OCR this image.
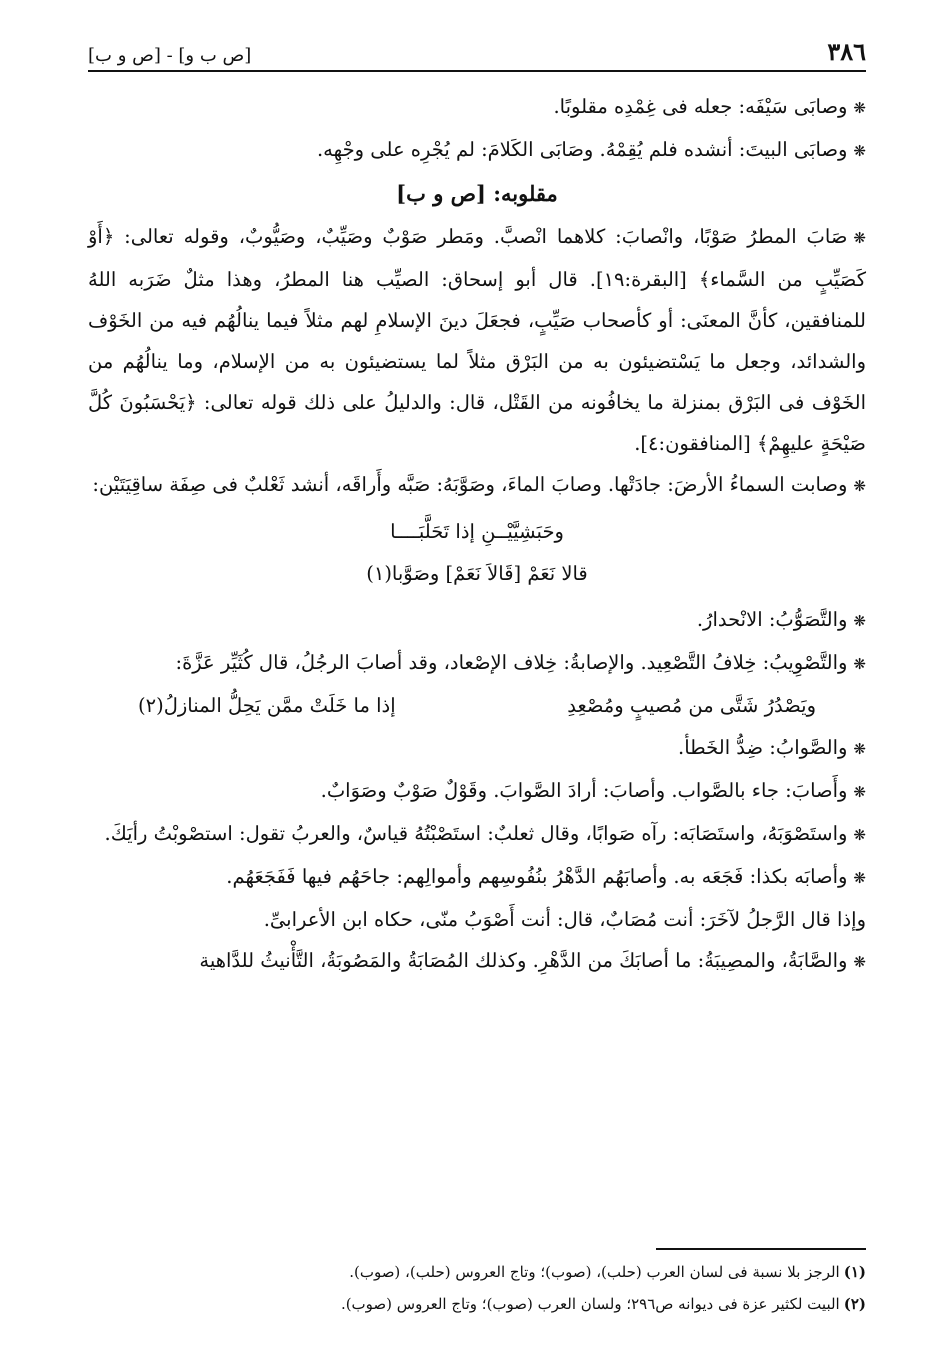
٣٨٦
[ص ب و] - [ص و ب]

❋وصابَى سَيْفَه: جعله فى غِمْدِه مقلوبًا.

❋وصابَى البيتَ: أنشده فلم يُقِمْهُ. وصَابَى الكَلامَ: لم يُجْرِه على وجْهِه.

مقلوبه: [ص و ب]

❋صَابَ المطرُ صَوْبًا، وانْصابَ: كلاهما انْصبَّ. ومَطر صَوْبٌ وصَيِّبٌ، وصَيُّوبٌ، وقوله تعالى: ﴿أَوْ كَصَيِّبٍ من السَّماء﴾ [البقرة:١٩]. قال أبو إسحاق: الصيِّب هنا المطرُ، وهذا مثلٌ ضَرَبه اللهُ للمنافقين، كأنَّ المعنَى: أو كأصحاب صَيِّبٍ، فجعَلَ دينَ الإسلامِ لهم مثلاً فيما ينالُهُم فيه من الخَوْف والشدائد، وجعل ما يَسْتضيئون به من البَرْق مثلاً لما يستضيئون به من الإسلام، وما ينالُهُم من الخَوْف فى البَرْق بمنزلة ما يخافُونه من القَتْل، قال: والدليلُ على ذلك قوله تعالى: ﴿يَحْسَبُونَ كُلَّ صَيْحَةٍ عليهِمْ﴾ [المنافقون:٤].

❋وصابت السماءُ الأرضَ: جادَتْها. وصابَ الماءَ، وصَوَّبَهُ: صَبَّه وأَراقَه، أنشد ثَعْلبٌ فى صِفَة ساقِيَتَيْن:

وحَبَشِيَّيْــنِ إذا تَحَلَّبَــــا
قالا نَعَمْ [قَالاَ نَعَمْ] وصَوَّبا(١)

❋والتَّصَوُّبُ: الانْحدارُ.

❋والتَّصْوِيبُ: خِلافُ التَّصْعِيد. والإصابةُ: خِلاف الإصْعاد، وقد أصابَ الرجُلُ، قال كُثَيِّر عَزَّةَ:

ويَصْدُرُ شَتَّى من مُصيبٍ ومُصْعِدِ
إذا ما خَلَتْ ممَّن يَحِلُّ المنازلُ(٢)

❋والصَّوابُ: ضِدُّ الخَطأ.

❋وأَصابَ: جاء بالصَّواب. وأصابَ: أرادَ الصَّوابَ. وقَوْلٌ صَوْبٌ وصَوَابٌ.

❋واستَصْوَبَهُ، واستَصَابَه: رآه صَوابًا، وقال ثعلبٌ: استَصْبْتُهُ قياسٌ، والعربُ تقول: استصْوبْتُ رأيَكَ.

❋وأصابَه بكذا: فَجَعَه به. وأصابَهُم الدَّهْرُ بنُفُوسِهم وأموالِهم: جاحَهُم فيها فَفَجَعَهُم.

وإذا قال الرَّجلُ لآخَرَ: أنت مُصَابٌ، قال: أنت أَصْوَبُ منّى، حكاه ابن الأعرابىِّ.

❋والصَّابَةُ، والمصِيبَةُ: ما أصابَكَ من الدَّهْرِ. وكذلك المُصَابَةُ والمَصُوبَةُ، التَّأْنيثُ للدَّاهية

(١)الرجز بلا نسبة فى لسان العرب (حلب)، (صوب)؛ وتاج العروس (حلب)، (صوب).

(٢)البيت لكثير عزة فى ديوانه ص٢٩٦؛ ولسان العرب (صوب)؛ وتاج العروس (صوب).
